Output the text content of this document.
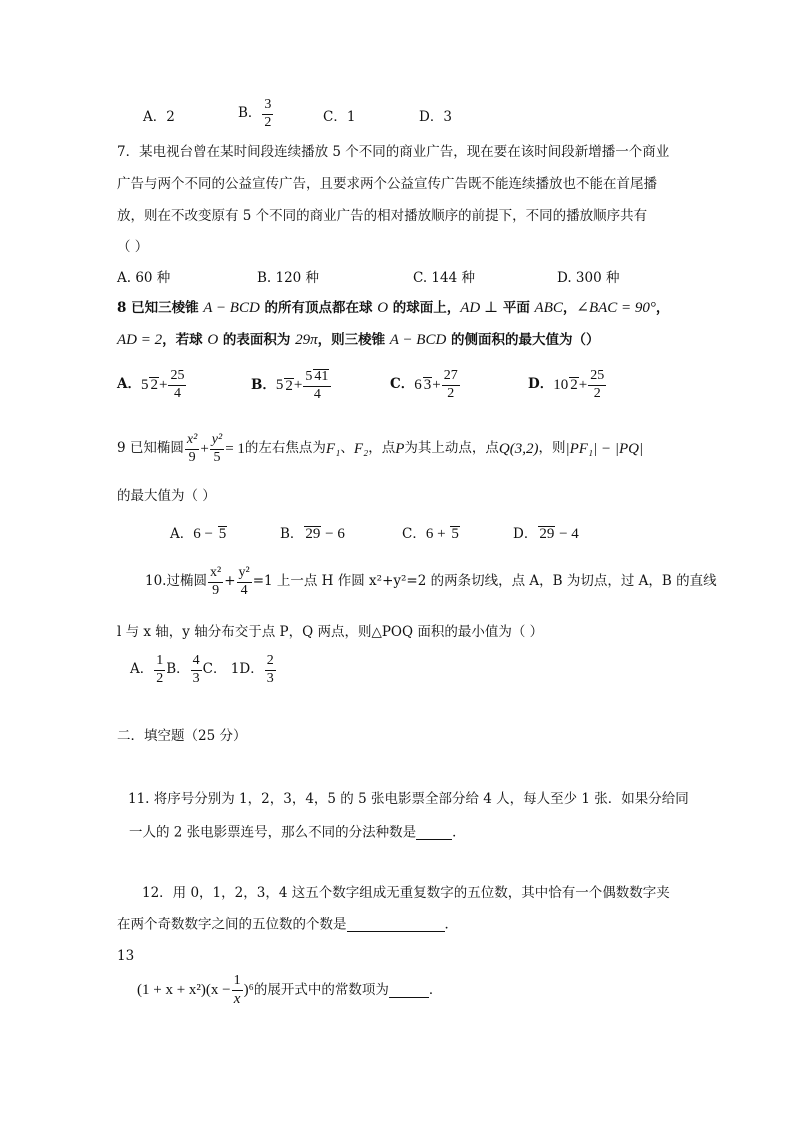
A．2	B． $\frac{3}{2}$	C．1	D．3
7．某电视台曾在某时间段连续播放 5 个不同的商业广告，现在要在该时间段新增播一个商业
广告与两个不同的公益宣传广告，且要求两个公益宣传广告既不能连续播放也不能在首尾播
放，则在不改变原有 5 个不同的商业广告的相对播放顺序的前提下，不同的播放顺序共有
（ ）
A. 60 种	B. 120 种	C. 144 种	D. 300 种
8 已知三棱锥 A − BCD 的所有顶点都在球 O 的球面上，AD ⊥ 平面 ABC，∠BAC = 90°，
AD = 2，若球 O 的表面积为 29π，则三棱锥 A − BCD 的侧面积的最大值为（）
A． 5 $2 + \frac{25}{4}$	B． 5 $2 + \frac{5 41}{4}$	C． 6 $3 + \frac{27}{2}$	D． 10 $2 + \frac{25}{2}$
9 已知椭圆 $\frac{\text{x²}}{9} + \frac{\text{y²}}{5} = 1$ 的左右焦点为 F₁ 、 F₂ ，点 P 为其上动点，点 Q(3,2) ，则 |PF₁| − |PQ|
的最大值为（ ）
A．6 − 5	B． 29 − 6	C．6 + 5	D． 29 − 4
10.过椭圆 $\frac{\text{x²}}{9} + \frac{\text{y²}}{4} =1$ 上一点 H 作圆 x²+y²=2 的两条切线，点 A，B 为切点，过 A，B 的直线
l 与 x 轴，y 轴分布交于点 P，Q 两点，则△POQ 面积的最小值为（ ）
A． $\frac{1}{2}$ B． $\frac{4}{3}$ C． 1 D． $\frac{2}{3}$
二．填空题（25 分）
11. 将序号分别为 1，2，3，4，5 的 5 张电影票全部分给 4 人，每人至少 1 张．如果分给同
一人的 2 张电影票连号，那么不同的分法种数是	．
12．用 0，1，2，3，4 这五个数字组成无重复数字的五位数，其中恰有一个偶数数字夹
在两个奇数数字之间的五位数的个数是	．
13
$(1 + x + x^2)(x - \frac{1}{x} )^6$ 的展开式中的常数项为	．
